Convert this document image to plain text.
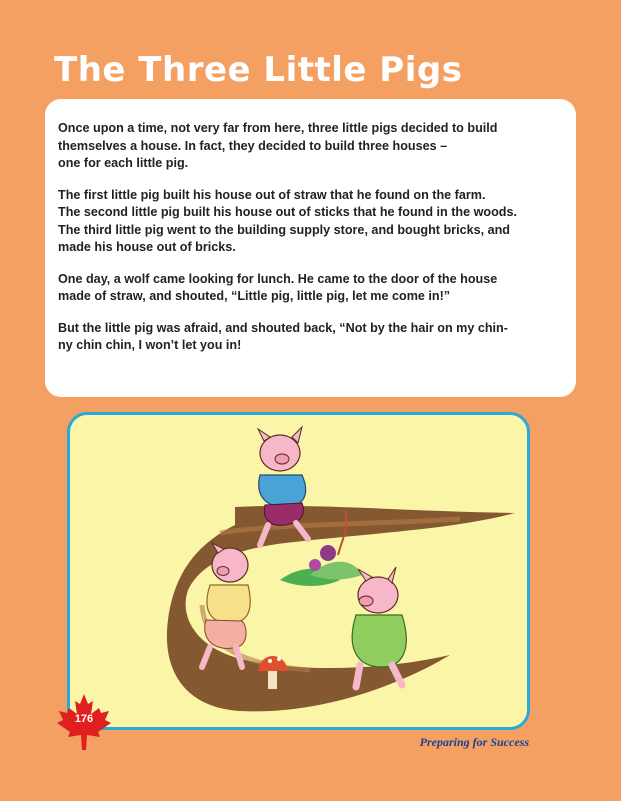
The Three Little Pigs

Once upon a time, not very far from here, three little pigs decided to build
themselves a house. In fact, they decided to build three houses –
one for each little pig.

The first little pig built his house out of straw that he found on the farm.
The second little pig built his house out of sticks that he found in the woods.
The third little pig went to the building supply store, and bought bricks, and
made his house out of bricks.

One day, a wolf came looking for lunch. He came to the door of the house
made of straw, and shouted, “Little pig, little pig, let me come in!”

But the little pig was afraid, and shouted back, “Not by the hair on my chin-
ny chin chin, I won’t let you in!

176
Preparing for Success
